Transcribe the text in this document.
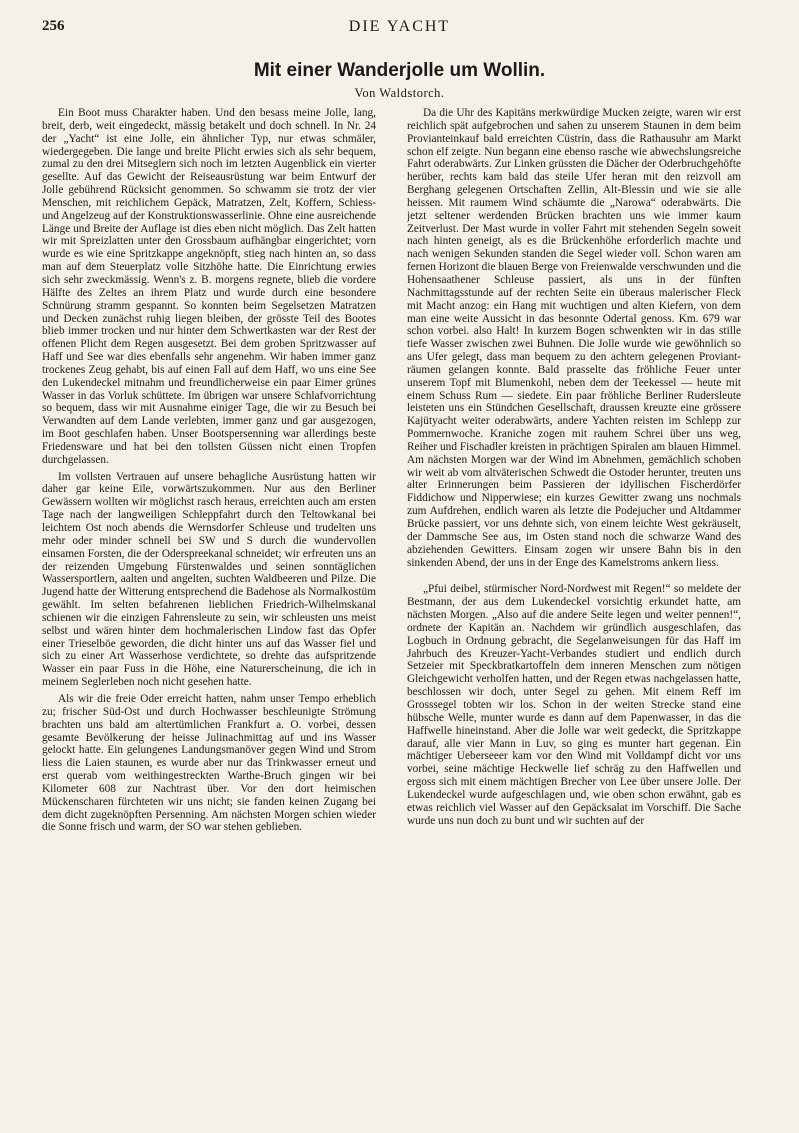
256	DIE YACHT
Mit einer Wanderjolle um Wollin.
Von Waldstorch.

Ein Boot muss Charakter haben. Und den besass meine Jolle, lang, breit, derb, weit eingedeckt, mässig betakelt und doch schnell. In Nr. 24 der „Yacht“ ist eine Jolle, ein ähnlicher Typ, nur etwas schmäler, wiedergegeben. Die lange und breite Plicht erwies sich als sehr bequem, zumal zu den drei Mitseglern sich noch im letzten Augenblick ein vierter gesellte. Auf das Gewicht der Reiseausrüstung war beim Entwurf der Jolle gebührend Rücksicht genommen. So schwamm sie trotz der vier Menschen, mit reichlichem Gepäck, Matratzen, Zelt, Koffern, Schiess- und Angelzeug auf der Konstruktionswasserlinie. Ohne eine ausreichende Länge und Breite der Auflage ist dies eben nicht möglich. Das Zelt hatten wir mit Spreizlatten unter den Grossbaum aufhängbar eingerichtet; vorn wurde es wie eine Spritzkappe angeknöpft, stieg nach hinten an, so dass man auf dem Steuerplatz volle Sitzhöhe hatte. Die Einrichtung erwies sich sehr zweckmässig. Wenn's z. B. morgens regnete, blieb die vordere Hälfte des Zeltes an ihrem Platz und wurde durch eine besondere Schnürung stramm gespannt. So konnten beim Segelsetzen Matratzen und Decken zunächst ruhig liegen bleiben, der grösste Teil des Bootes blieb immer trocken und nur hinter dem Schwertkasten war der Rest der offenen Plicht dem Regen ausgesetzt. Bei dem groben Spritzwasser auf Haff und See war dies ebenfalls sehr angenehm. Wir haben immer ganz trockenes Zeug gehabt, bis auf einen Fall auf dem Haff, wo uns eine See den Lukendeckel mitnahm und freundlicherweise ein paar Eimer grünes Wasser in das Vorluk schüttete. Im übrigen war unsere Schlafvorrichtung so bequem, dass wir mit Ausnahme einiger Tage, die wir zu Besuch bei Verwandten auf dem Lande verlebten, immer ganz und gar ausgezogen, im Boot geschlafen haben. Unser Bootspersenning war allerdings beste Friedensware und hat bei den tollsten Güssen nicht einen Tropfen durchgelassen.

Im vollsten Vertrauen auf unsere behagliche Ausrüstung hatten wir daher gar keine Eile, vorwärtszukommen. Nur aus den Berliner Gewässern wollten wir möglichst rasch heraus, erreichten auch am ersten Tage nach der langweiligen Schleppfahrt durch den Teltowkanal bei leichtem Ost noch abends die Wernsdorfer Schleuse und trudelten uns mehr oder minder schnell bei SW und S durch die wundervollen einsamen Forsten, die der Oderspreekanal schneidet; wir erfreuten uns an der reizenden Umgebung Fürstenwaldes und seinen sonntäglichen Wassersportlern, aalten und angelten, suchten Waldbeeren und Pilze. Die Jugend hatte der Witterung entsprechend die Badehose als Normalkostüm gewählt. Im selten befahrenen lieblichen Friedrich-Wilhelmskanal schienen wir die einzigen Fahrensleute zu sein, wir schleusten uns meist selbst und wären hinter dem hochmalerischen Lindow fast das Opfer einer Trieselböe geworden, die dicht hinter uns auf das Wasser fiel und sich zu einer Art Wasserhose verdichtete, so drehte das aufspritzende Wasser ein paar Fuss in die Höhe, eine Naturerscheinung, die ich in meinem Seglerleben noch nicht gesehen hatte.

Als wir die freie Oder erreicht hatten, nahm unser Tempo erheblich zu; frischer Süd-Ost und durch Hochwasser beschleunigte Strömung brachten uns bald am altertümlichen Frankfurt a. O. vorbei, dessen gesamte Bevölkerung der heisse Julinachmittag auf und ins Wasser gelockt hatte. Ein gelungenes Landungsmanöver gegen Wind und Strom liess die Laien staunen, es wurde aber nur das Trinkwasser erneut und erst querab vom weithingestreckten Warthe-Bruch gingen wir bei Kilometer 608 zur Nachtrast über. Vor den dort heimischen Mückenscharen fürchteten wir uns nicht; sie fanden keinen Zugang bei dem dicht zugeknöpften Persenning. Am nächsten Morgen schien wieder die Sonne frisch und warm, der SO war stehen geblieben.

Da die Uhr des Kapitäns merkwürdige Mucken zeigte, waren wir erst reichlich spät aufgebrochen und sahen zu unserem Staunen in dem beim Provianteinkauf bald erreichten Cüstrin, dass die Rathausuhr am Markt schon elf zeigte. Nun begann eine ebenso rasche wie abwechslungsreiche Fahrt oderabwärts. Zur Linken grüssten die Dächer der Oderbruchgehöfte herüber, rechts kam bald das steile Ufer heran mit den reizvoll am Berghang gelegenen Ortschaften Zellin, Alt-Blessin und wie sie alle heissen. Mit raumem Wind schäumte die „Narowa“ oderabwärts. Die jetzt seltener werdenden Brücken brachten uns wie immer kaum Zeitverlust. Der Mast wurde in voller Fahrt mit stehenden Segeln soweit nach hinten geneigt, als es die Brückenhöhe erforderlich machte und nach wenigen Sekunden standen die Segel wieder voll. Schon waren am fernen Horizont die blauen Berge von Freienwalde verschwunden und die Hohensaathener Schleuse passiert, als uns in der fünften Nachmittagsstunde auf der rechten Seite ein überaus malerischer Fleck mit Macht anzog: ein Hang mit wuchtigen und alten Kiefern, von dem man eine weite Aussicht in das besonnte Odertal genoss. Km. 679 war schon vorbei. also Halt! In kurzem Bogen schwenkten wir in das stille tiefe Wasser zwischen zwei Buhnen. Die Jolle wurde wie gewöhnlich so ans Ufer gelegt, dass man bequem zu den achtern gelegenen Provianträumen gelangen konnte. Bald prasselte das fröhliche Feuer unter unserem Topf mit Blumenkohl, neben dem der Teekessel — heute mit einem Schuss Rum — siedete. Ein paar fröhliche Berliner Rudersleute leisteten uns ein Stündchen Gesellschaft, draussen kreuzte eine grössere Kajütyacht weiter oderabwärts, andere Yachten reisten im Schlepp zur Pommernwoche. Kraniche zogen mit rauhem Schrei über uns weg, Reiher und Fischadler kreisten in prächtigen Spiralen am blauen Himmel. Am nächsten Morgen war der Wind im Abnehmen, gemächlich schoben wir weit ab vom altväterischen Schwedt die Ostoder herunter, treuten uns alter Erinnerungen beim Passieren der idyllischen Fischerdörfer Fiddichow und Nipperwiese; ein kurzes Gewitter zwang uns nochmals zum Aufdrehen, endlich waren als letzte die Podejucher und Altdammer Brücke passiert, vor uns dehnte sich, von einem leichte West gekräuselt, der Dammsche See aus, im Osten stand noch die schwarze Wand des abziehenden Gewitters. Einsam zogen wir unsere Bahn bis in den sinkenden Abend, der uns in der Enge des Kamelstroms ankern liess.

„Pfui deibel, stürmischer Nord-Nordwest mit Regen!“ so meldete der Bestmann, der aus dem Lukendeckel vorsichtig erkundet hatte, am nächsten Morgen. „Also auf die andere Seite legen und weiter pennen!“, ordnete der Kapitän an. Nachdem wir gründlich ausgeschlafen, das Logbuch in Ordnung gebracht, die Segelanweisungen für das Haff im Jahrbuch des Kreuzer-Yacht-Verbandes studiert und endlich durch Setzeier mit Speckbratkartoffeln dem inneren Menschen zum nötigen Gleichgewicht verholfen hatten, und der Regen etwas nachgelassen hatte, beschlossen wir doch, unter Segel zu gehen. Mit einem Reff im Grosssegel tobten wir los. Schon in der weiten Strecke stand eine hübsche Welle, munter wurde es dann auf dem Papenwasser, in das die Haffwelle hineinstand. Aber die Jolle war weit gedeckt, die Spritzkappe darauf, alle vier Mann in Luv, so ging es munter hart gegenan. Ein mächtiger Ueberseeer kam vor den Wind mit Volldampf dicht vor uns vorbei, seine mächtige Heckwelle lief schräg zu den Haffwellen und ergoss sich mit einem mächtigen Brecher von Lee über unsere Jolle. Der Lukendeckel wurde aufgeschlagen und, wie oben schon erwähnt, gab es etwas reichlich viel Wasser auf den Gepäcksalat im Vorschiff. Die Sache wurde uns nun doch zu bunt und wir suchten auf der
